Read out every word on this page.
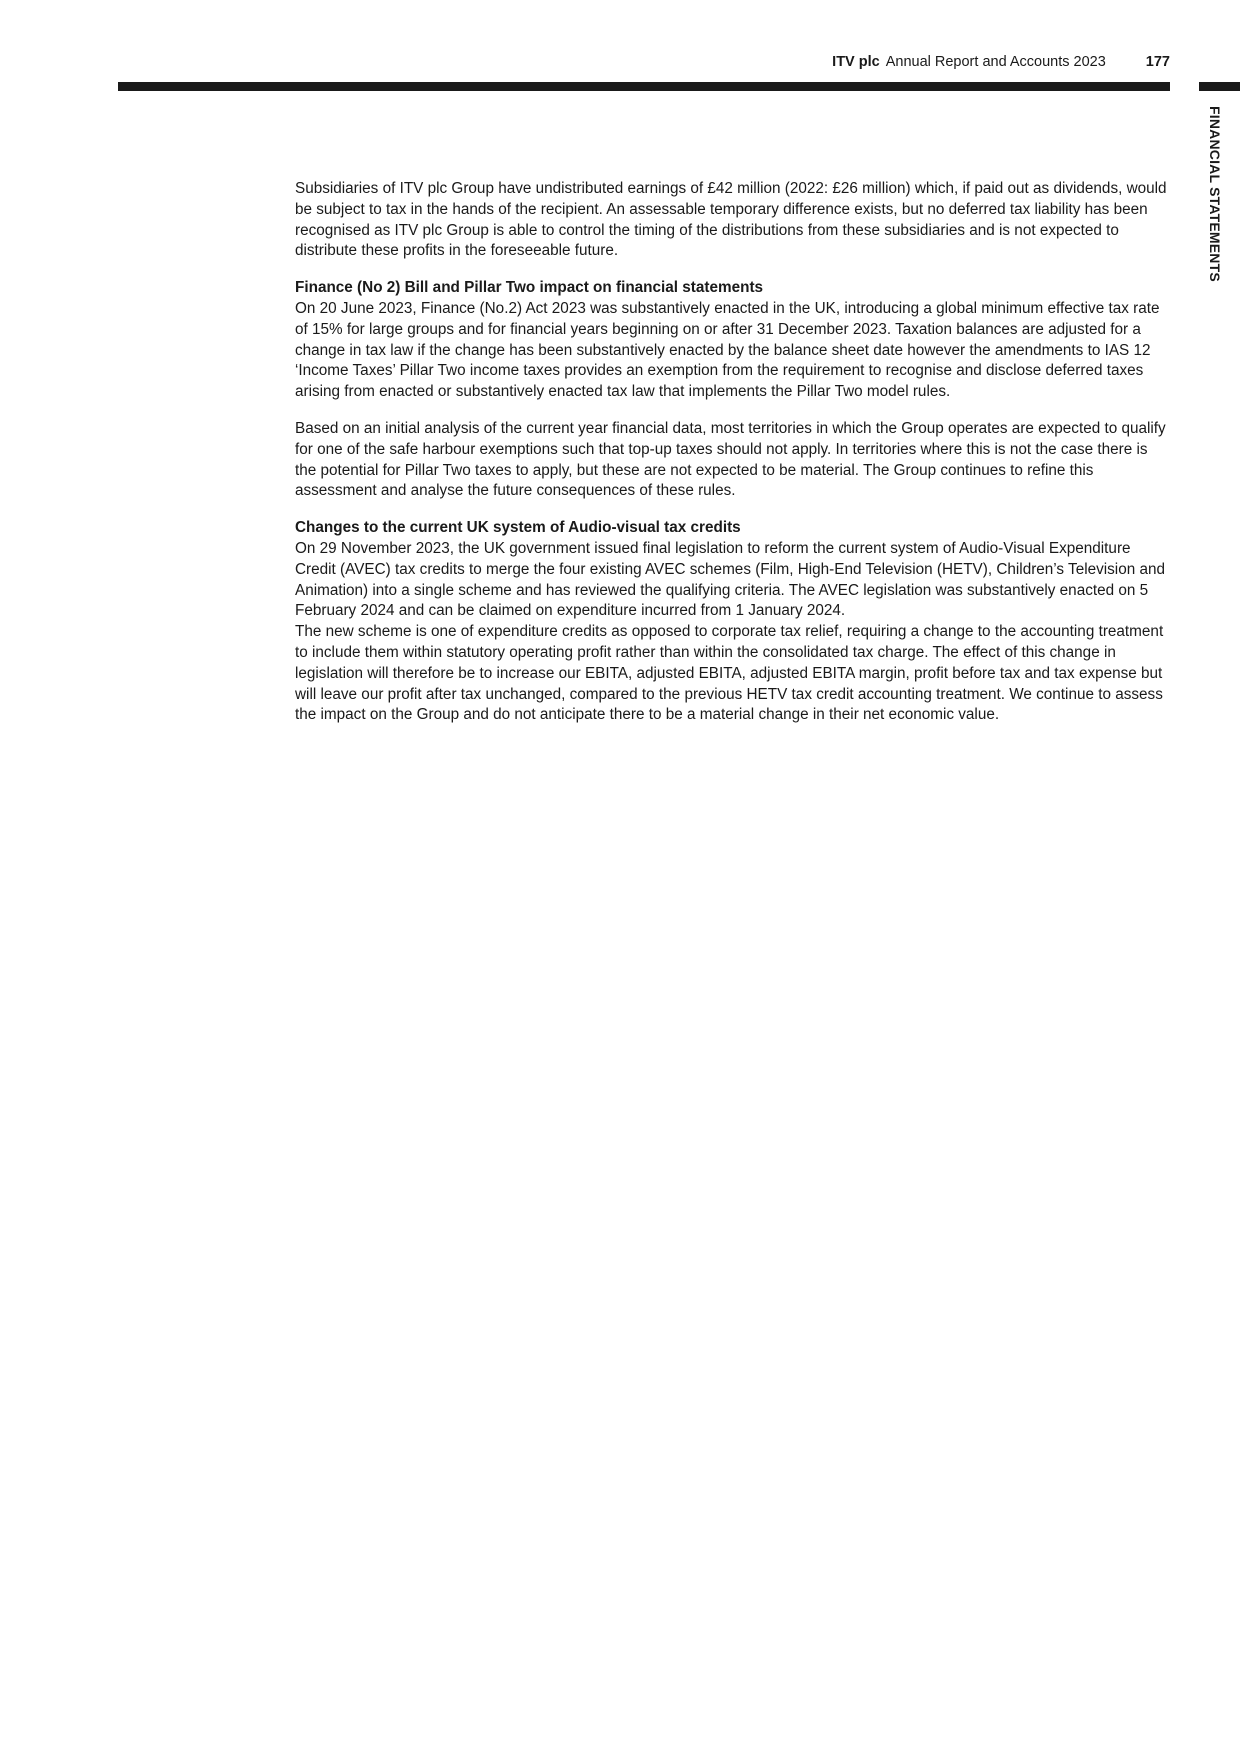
ITV plc Annual Report and Accounts 2023	177
FINANCIAL STATEMENTS

Subsidiaries of ITV plc Group have undistributed earnings of £42 million (2022: £26 million) which, if paid out as dividends, would be subject to tax in the hands of the recipient. An assessable temporary difference exists, but no deferred tax liability has been recognised as ITV plc Group is able to control the timing of the distributions from these subsidiaries and is not expected to distribute these profits in the foreseeable future.

Finance (No 2) Bill and Pillar Two impact on financial statements

On 20 June 2023, Finance (No.2) Act 2023 was substantively enacted in the UK, introducing a global minimum effective tax rate of 15% for large groups and for financial years beginning on or after 31 December 2023. Taxation balances are adjusted for a change in tax law if the change has been substantively enacted by the balance sheet date however the amendments to IAS 12 ‘Income Taxes’ Pillar Two income taxes provides an exemption from the requirement to recognise and disclose deferred taxes arising from enacted or substantively enacted tax law that implements the Pillar Two model rules.

Based on an initial analysis of the current year financial data, most territories in which the Group operates are expected to qualify for one of the safe harbour exemptions such that top-up taxes should not apply. In territories where this is not the case there is the potential for Pillar Two taxes to apply, but these are not expected to be material. The Group continues to refine this assessment and analyse the future consequences of these rules.

Changes to the current UK system of Audio-visual tax credits

On 29 November 2023, the UK government issued final legislation to reform the current system of Audio-Visual Expenditure Credit (AVEC) tax credits to merge the four existing AVEC schemes (Film, High-End Television (HETV), Children’s Television and Animation) into a single scheme and has reviewed the qualifying criteria. The AVEC legislation was substantively enacted on 5 February 2024 and can be claimed on expenditure incurred from 1 January 2024.

The new scheme is one of expenditure credits as opposed to corporate tax relief, requiring a change to the accounting treatment to include them within statutory operating profit rather than within the consolidated tax charge. The effect of this change in legislation will therefore be to increase our EBITA, adjusted EBITA, adjusted EBITA margin, profit before tax and tax expense but will leave our profit after tax unchanged, compared to the previous HETV tax credit accounting treatment. We continue to assess the impact on the Group and do not anticipate there to be a material change in their net economic value.
